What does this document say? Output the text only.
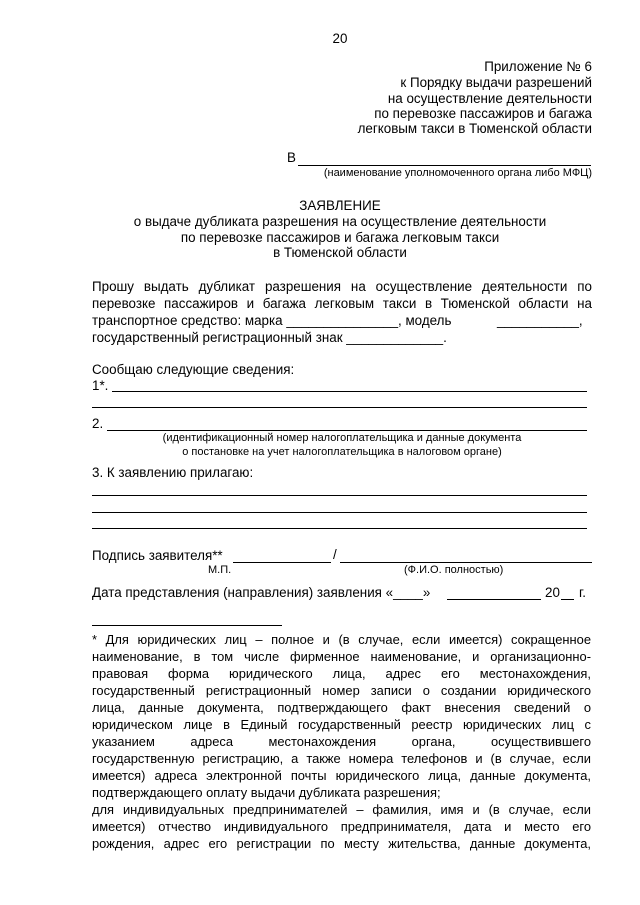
20
Приложение № 6
к Порядку выдачи разрешений
на осуществление деятельности
по перевозке пассажиров и багажа
легковым такси в Тюменской области
В
(наименование уполномоченного органа либо МФЦ)
ЗАЯВЛЕНИЕ
о выдаче дубликата разрешения на осуществление деятельности
по перевозке пассажиров и багажа легковым такси
в Тюменской области
Прошу выдать дубликат разрешения на осуществление деятельности по
перевозке пассажиров и багажа легковым такси в Тюменской области на
транспортное средство: марка _______________, модель	___________,
государственный регистрационный знак _____________.
Сообщаю следующие сведения:
1*.
2.
(идентификационный номер налогоплательщика и данные документа
о постановке на учет налогоплательщика в налоговом органе)
3. К заявлению прилагаю:
Подпись заявителя**	/
М.П.	(Ф.И.О. полностью)
Дата представления (направления) заявления «____»	20 г.
* Для юридических лиц – полное и (в случае, если имеется) сокращенное
наименование, в том числе фирменное наименование, и организационно-
правовая форма юридического лица, адрес его местонахождения,
государственный регистрационный номер записи о создании юридического
лица, данные документа, подтверждающего факт внесения сведений о
юридическом лице в Единый государственный реестр юридических лиц с
указанием адреса местонахождения органа, осуществившего
государственную регистрацию, а также номера телефонов и (в случае, если
имеется) адреса электронной почты юридического лица, данные документа,
подтверждающего оплату выдачи дубликата разрешения;
для индивидуальных предпринимателей – фамилия, имя и (в случае, если
имеется) отчество индивидуального предпринимателя, дата и место его
рождения, адрес его регистрации по месту жительства, данные документа,
